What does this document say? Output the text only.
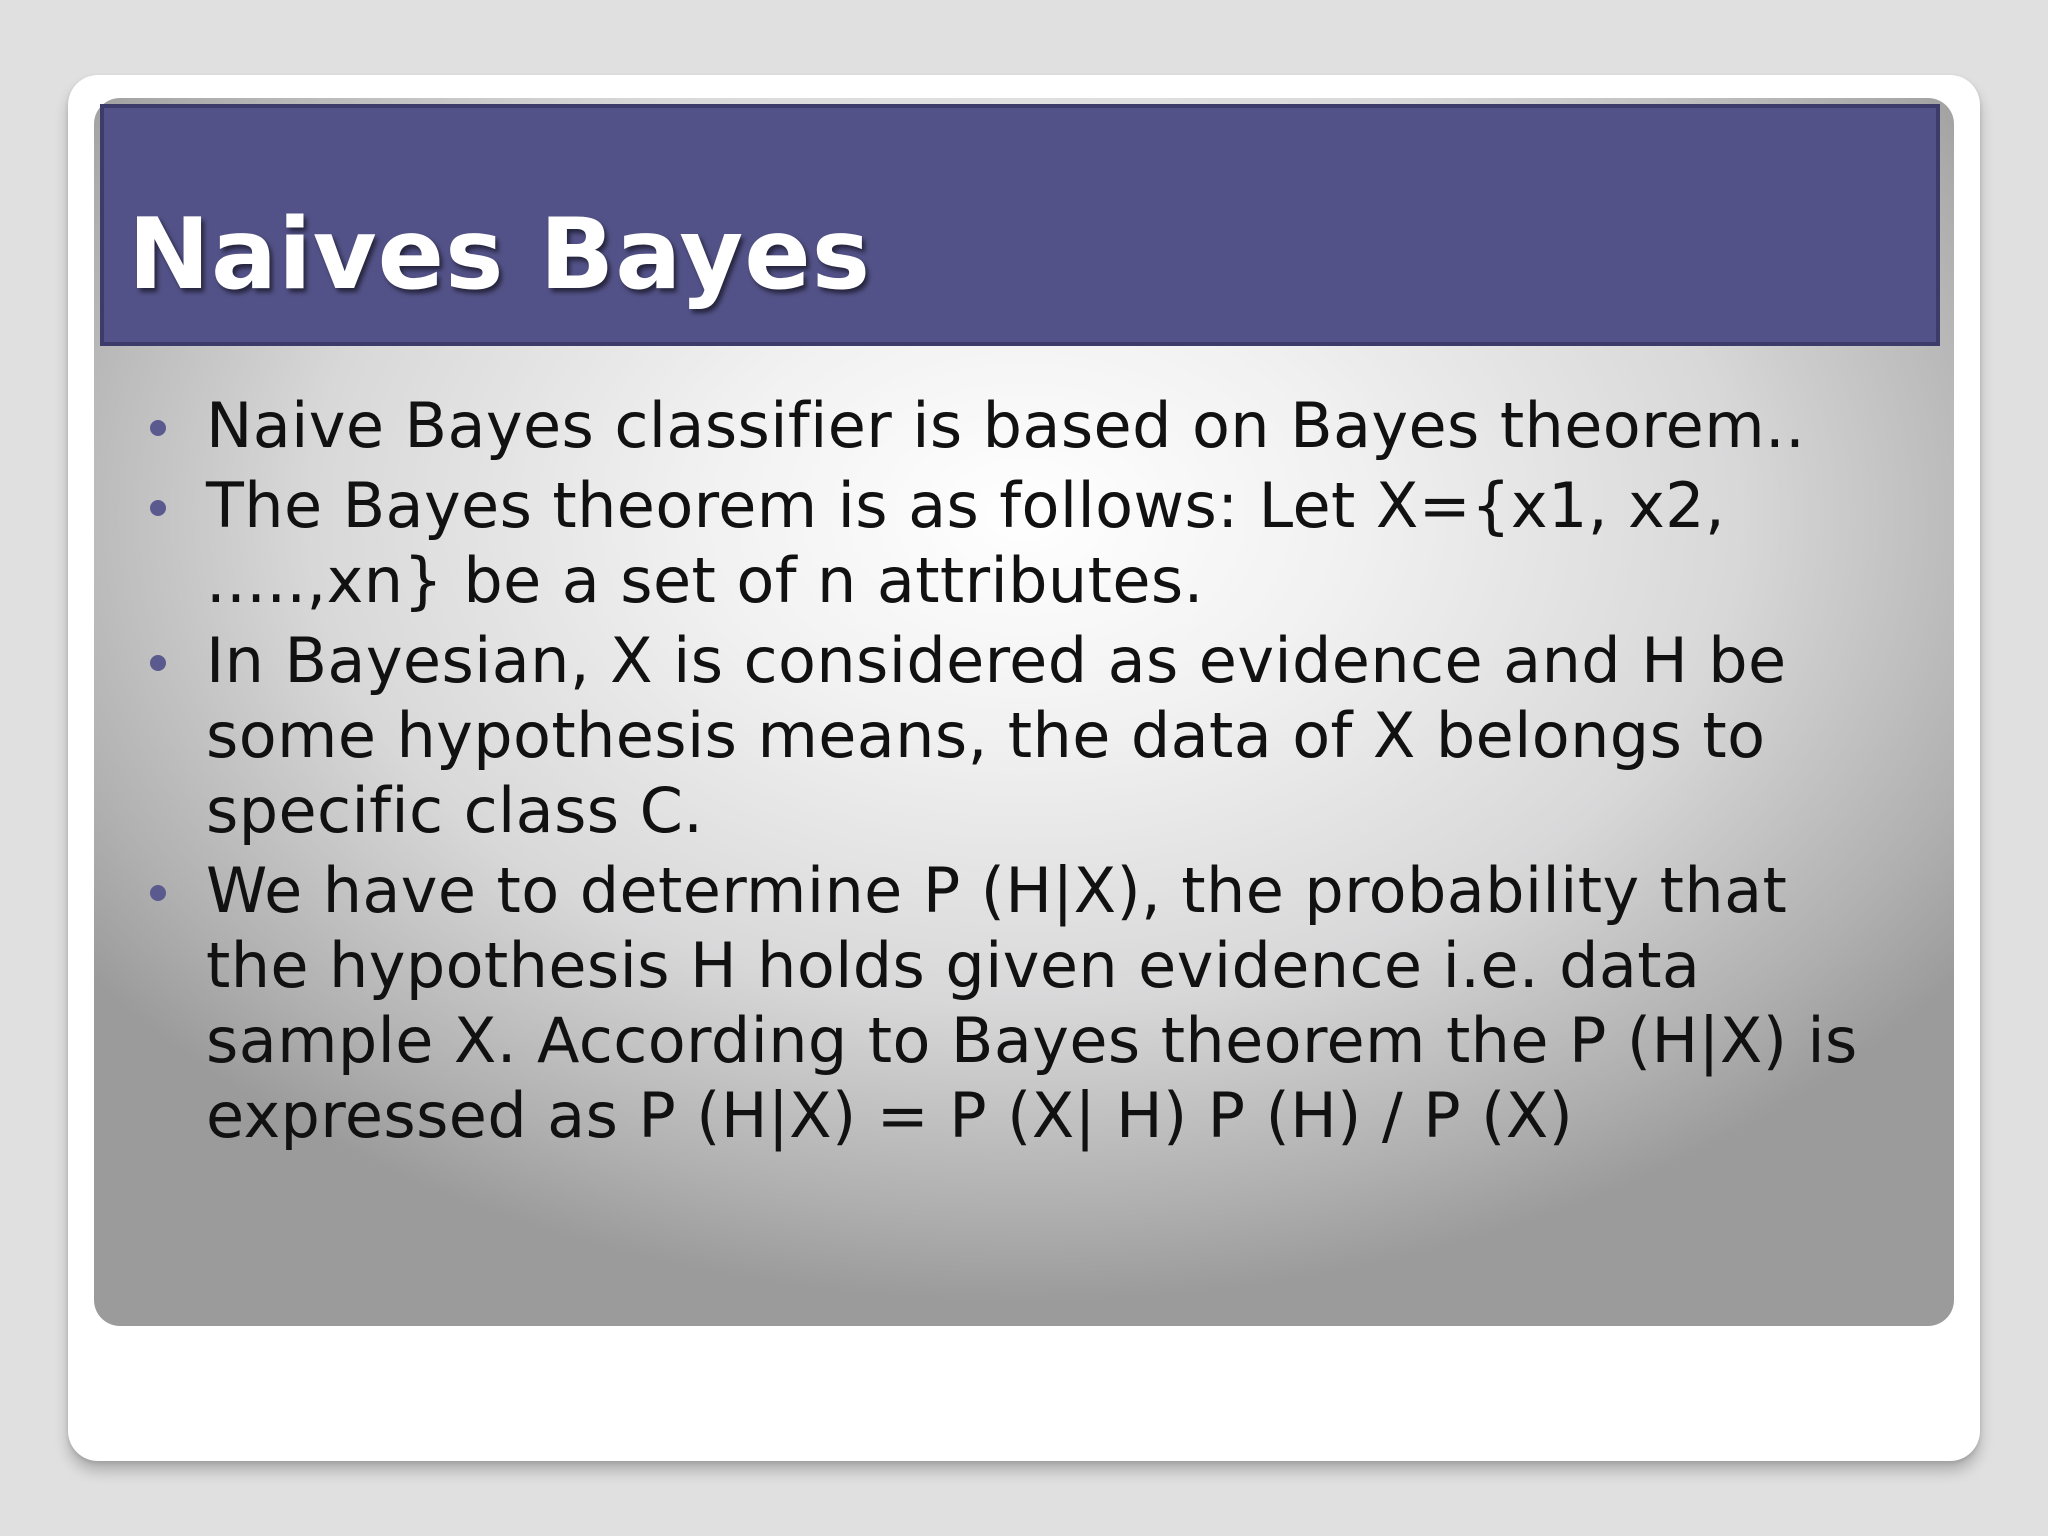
Naives Bayes
Naive Bayes classifier is based on Bayes theorem..
The Bayes theorem is as follows: Let X={x1, x2, .....,xn} be a set of n attributes.
In Bayesian, X is considered as evidence and H be some hypothesis means, the data of X belongs to specific class C.
We have to determine P (H|X), the probability that the hypothesis H holds given evidence i.e. data sample X. According to Bayes theorem the P (H|X) is expressed as P (H|X) = P (X| H) P (H) / P (X)
